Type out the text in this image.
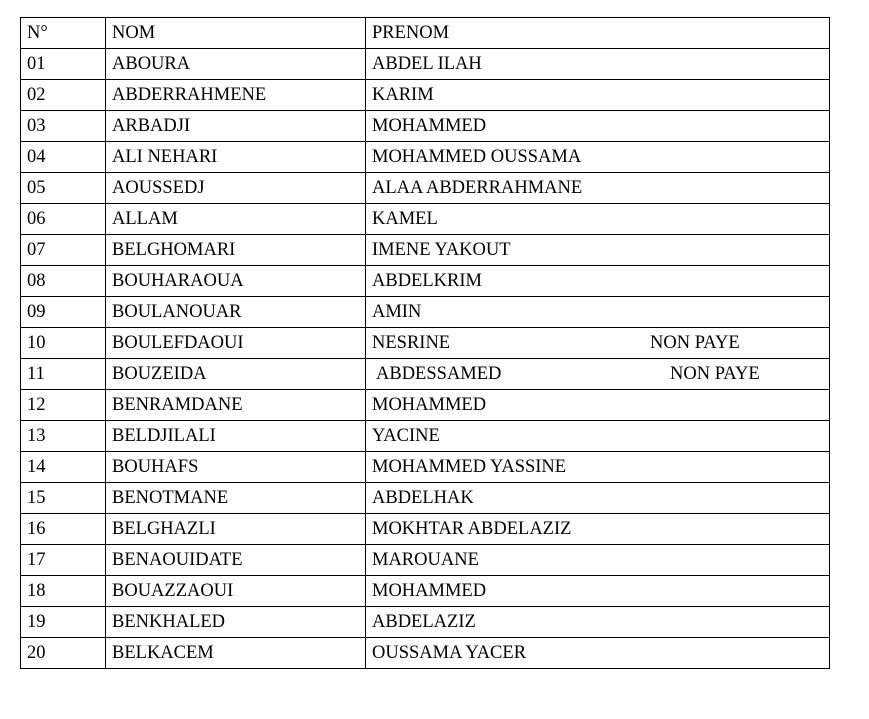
N°	NOM	PRENOM
01	ABOURA	ABDEL ILAH
02	ABDERRAHMENE	KARIM
03	ARBADJI	MOHAMMED
04	ALI NEHARI	MOHAMMED OUSSAMA
05	AOUSSEDJ	ALAA ABDERRAHMANE
06	ALLAM	KAMEL
07	BELGHOMARI	IMENE YAKOUT
08	BOUHARAOUA	ABDELKRIM
09	BOULANOUAR	AMIN
10	BOULEFDAOUI	NESRINE NON PAYE

11	BOUZEIDA	ABDESSAMED NON PAYE

12	BENRAMDANE	MOHAMMED
13	BELDJILALI	YACINE
14	BOUHAFS	MOHAMMED YASSINE
15	BENOTMANE	ABDELHAK
16	BELGHAZLI	MOKHTAR ABDELAZIZ
17	BENAOUIDATE	MAROUANE
18	BOUAZZAOUI	MOHAMMED
19	BENKHALED	ABDELAZIZ
20	BELKACEM	OUSSAMA YACER
